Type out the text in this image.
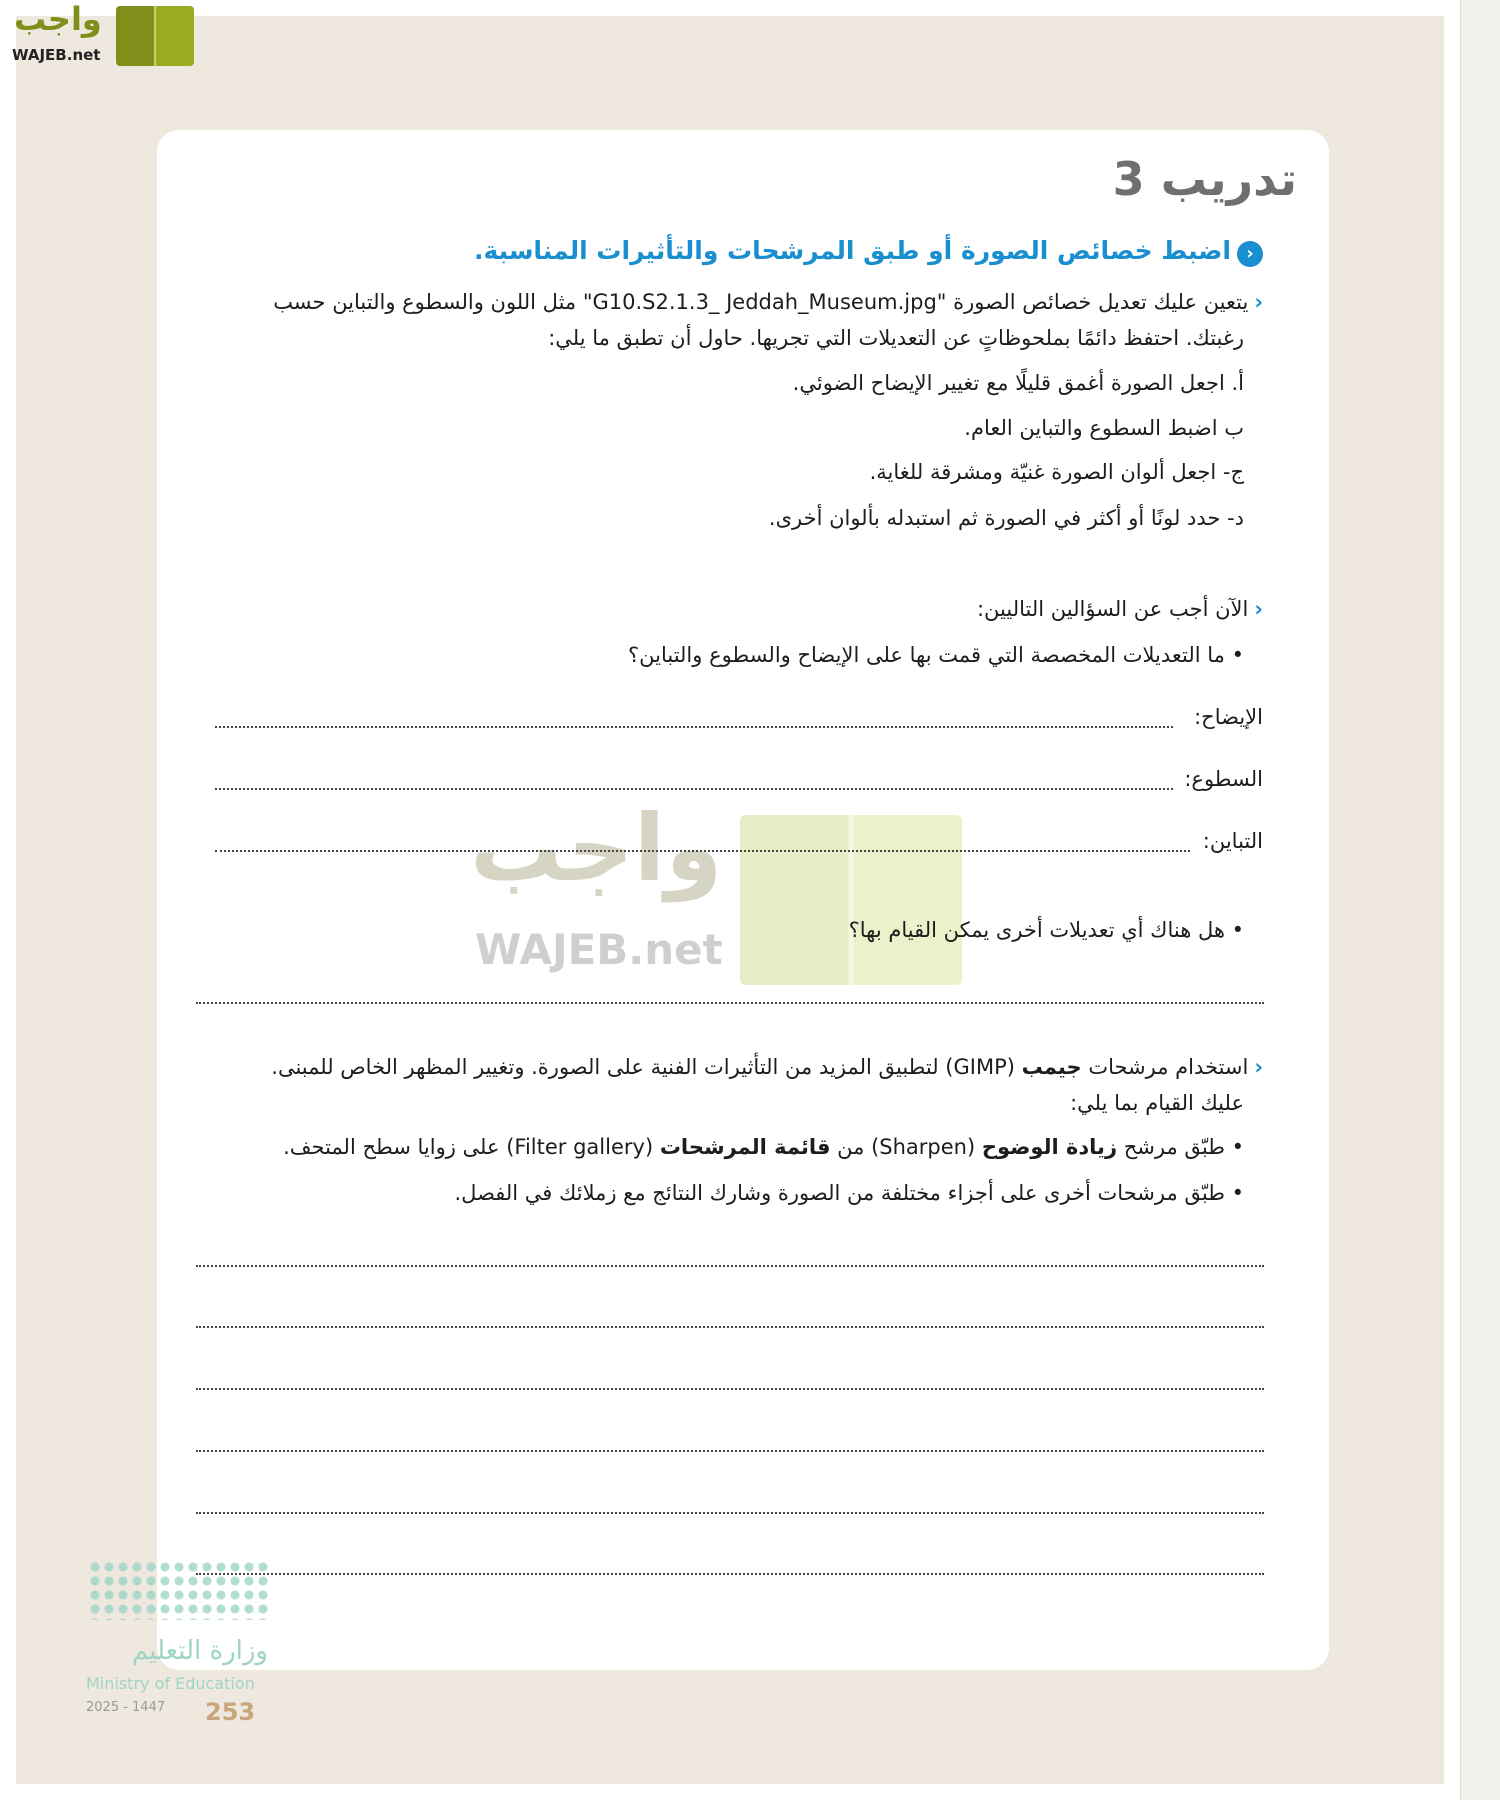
واجب
WAJEB.net
واجب
WAJEB.net
تدريب 3
‹اضبط خصائص الصورة أو طبق المرشحات والتأثيرات المناسبة.
‹يتعين عليك تعديل خصائص الصورة "G10.S2.1.3_ Jeddah_Museum.jpg" مثل اللون والسطوع والتباين حسب
رغبتك. احتفظ دائمًا بملحوظاتٍ عن التعديلات التي تجريها. حاول أن تطبق ما يلي:
أ. اجعل الصورة أغمق قليلًا مع تغيير الإيضاح الضوئي.
ب اضبط السطوع والتباين العام.
ج- اجعل ألوان الصورة غنيّة ومشرقة للغاية.
د- حدد لونًا أو أكثر في الصورة ثم استبدله بألوان أخرى.
‹الآن أجب عن السؤالين التاليين:
• ما التعديلات المخصصة التي قمت بها على الإيضاح والسطوع والتباين؟
الإيضاح:
السطوع:
التباين:
• هل هناك أي تعديلات أخرى يمكن القيام بها؟
‹استخدام مرشحات جيمب (GIMP) لتطبيق المزيد من التأثيرات الفنية على الصورة. وتغيير المظهر الخاص للمبنى.
عليك القيام بما يلي:
• طبّق مرشح زيادة الوضوح (Sharpen) من قائمة المرشحات (Filter gallery) على زوايا سطح المتحف.
• طبّق مرشحات أخرى على أجزاء مختلفة من الصورة وشارك النتائج مع زملائك في الفصل.
وزارة التعليم
Ministry of Education
2025 - 1447 253
